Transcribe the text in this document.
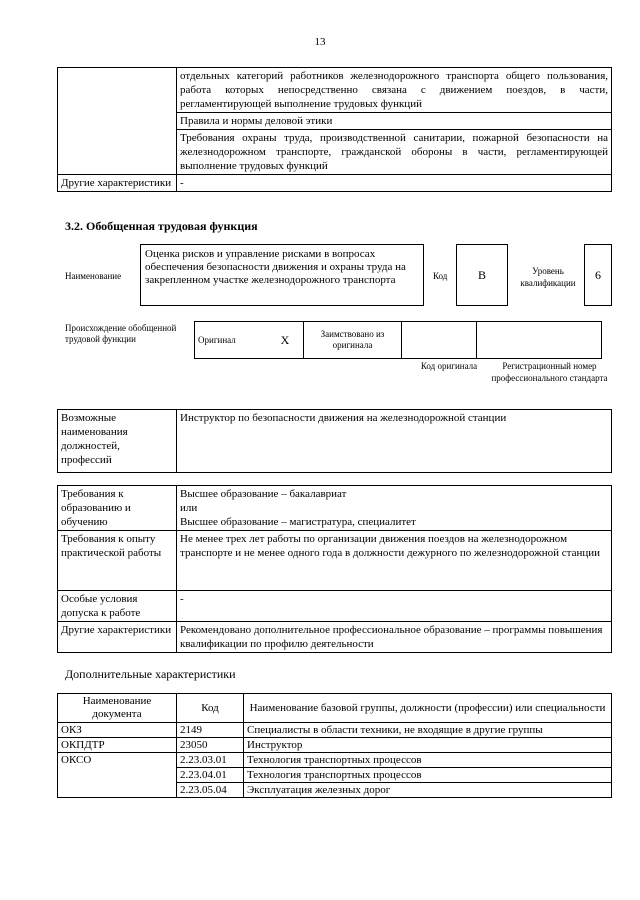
13
	отдельных категорий работников железнодорожного транспорта общего пользования, работа которых непосредственно связана с движением поездов, в части, регламентирующей выполнение трудовых функций
	Правила и нормы деловой этики
	Требования охраны труда, производственной санитарии, пожарной безопасности на железнодорожном транспорте, гражданской обороны в части, регламентирующей выполнение трудовых функций
Другие характеристики	-
3.2. Обобщенная трудовая функция
Наименование
Оценка рисков и управление рисками в вопросах обеспечения безопасности движения и охраны труда на закрепленном участке железнодорожного транспорта	Код	B	Уровень квалификации
6
Происхождение обобщенной трудовой функции	Оригинал	X	Заимствовано из оригинала		
Код оригинала	Регистрационный номер профессионального стандарта
Возможные наименования должностей, профессий	Инструктор по безопасности движения на железнодорожной станции
Требования к образованию и обучению	Высшее образование – бакалавриат
или
Высшее образование – магистратура, специалитет

Требования к опыту практической работы	Не менее трех лет работы по организации движения поездов на железнодорожном транспорте и не менее одного года в должности дежурного по железнодорожной станции
Особые условия допуска к работе	-
Другие характеристики	Рекомендовано дополнительное профессиональное образование – программы повышения квалификации по профилю деятельности
Дополнительные характеристики
Наименование документа	Код	Наименование базовой группы, должности (профессии) или специальности
ОКЗ	2149	Специалисты в области техники, не входящие в другие группы
ОКПДТР	23050	Инструктор
ОКСО	2.23.03.01	Технология транспортных процессов
	2.23.04.01	Технология транспортных процессов
	2.23.05.04	Эксплуатация железных дорог
